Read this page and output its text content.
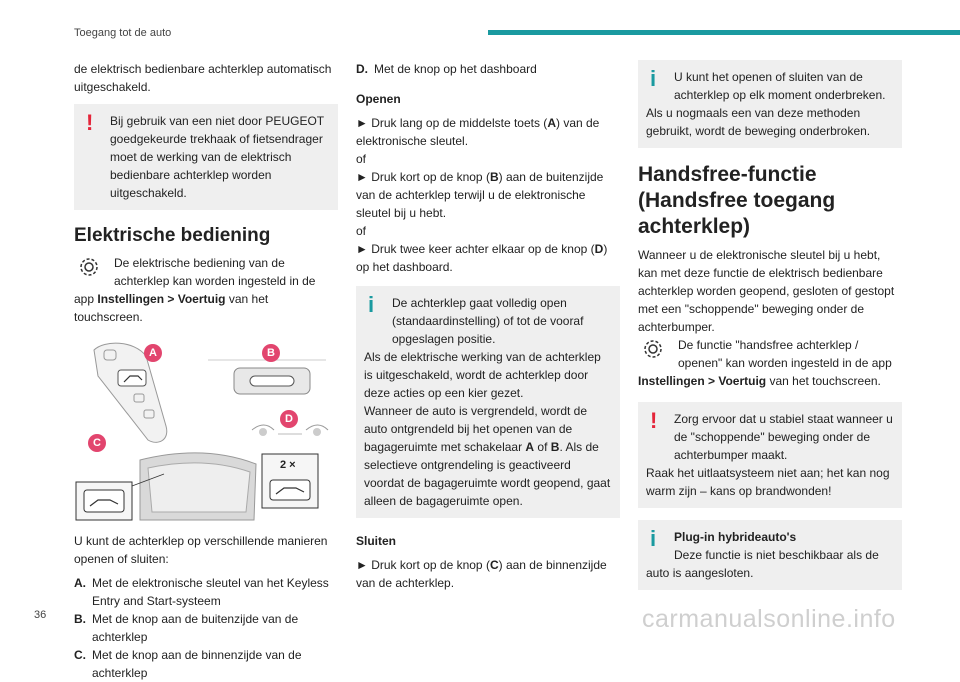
Toegang tot de auto

de elektrisch bedienbare achterklep automatisch uitgeschakeld.

!	Bij gebruik van een niet door PEUGEOT goedgekeurde trekhaak of fietsendrager moet de werking van de elektrisch bedienbare achterklep worden uitgeschakeld.

Elektrische bediening
De elektrische bediening van de achterklep kan worden ingesteld in de app Instellingen > Voertuig van het touchscreen.
A	B
D
C
2 ×

U kunt de achterklep op verschillende manieren openen of sluiten:

A. Met de elektronische sleutel van het Keyless Entry and Start-systeem
B. Met de knop aan de buitenzijde van de achterklep
C. Met de knop aan de binnenzijde van de achterklep
D. Met de knop op het dashboard
Openen

► Druk lang op de middelste toets (A) van de elektronische sleutel.

of

► Druk kort op de knop (B) aan de buitenzijde van de achterklep terwijl u de elektronische sleutel bij u hebt.

of

► Druk twee keer achter elkaar op de knop (D) op het dashboard.

i	De achterklep gaat volledig open (standaardinstelling) of tot de vooraf opgeslagen positie.

Als de elektrische werking van de achterklep is uitgeschakeld, wordt de achterklep door deze acties op een kier gezet.

Wanneer de auto is vergrendeld, wordt de auto ontgrendeld bij het openen van de bagageruimte met schakelaar A of B. Als de selectieve ontgrendeling is geactiveerd voordat de bagageruimte wordt geopend, gaat alleen de bagageruimte open.

Sluiten

► Druk kort op de knop (C) aan de binnenzijde van de achterklep.

i	U kunt het openen of sluiten van de achterklep op elk moment onderbreken.

Als u nogmaals een van deze methoden gebruikt, wordt de beweging onderbroken.

Handsfree-functie (Handsfree toegang achterklep)

Wanneer u de elektronische sleutel bij u hebt, kan met deze functie de elektrisch bedienbare achterklep worden geopend, gesloten of gestopt met een "schoppende" beweging onder de achterbumper.

De functie "handsfree achterklep / openen" kan worden ingesteld in de app Instellingen > Voertuig van het touchscreen.
!	Zorg ervoor dat u stabiel staat wanneer u de "schoppende" beweging onder de achterbumper maakt.

Raak het uitlaatsysteem niet aan; het kan nog warm zijn – kans op brandwonden!

i	Plug-in hybrideauto's

Deze functie is niet beschikbaar als de auto is aangesloten.

36	carmanualsonline.info
